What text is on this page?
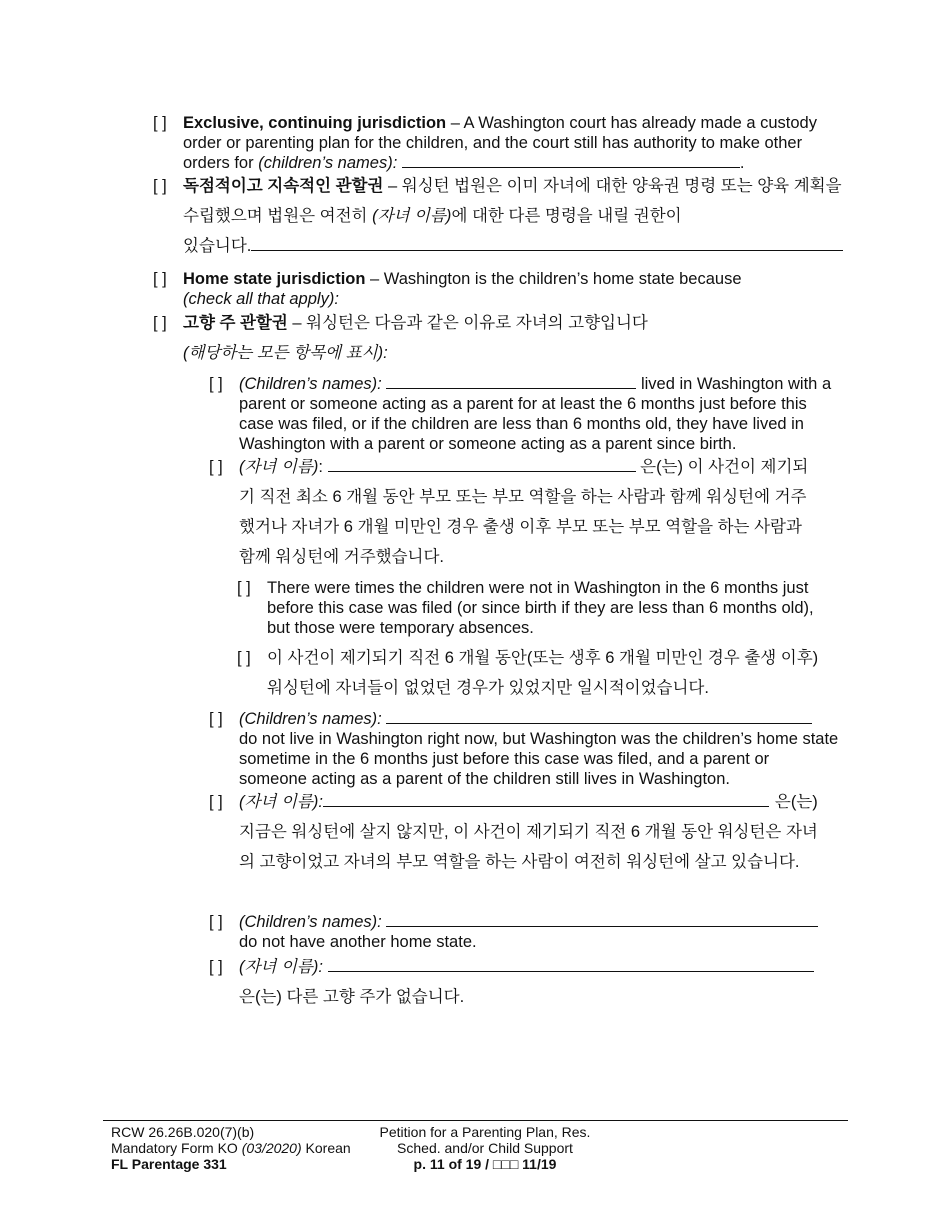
[ ] Exclusive, continuing jurisdiction – A Washington court has already made a custody order or parenting plan for the children, and the court still has authority to make other orders for (children’s names):	.
[ ] 독점적이고 지속적인 관할권 – 워싱턴 법원은 이미 자녀에 대한 양육권 명령 또는 양육 계획을 수립했으며 법원은 여전히 (자녀 이름)에 대한 다른 명령을 내릴 권한이
있습니다.
[ ] Home state jurisdiction – Washington is the children’s home state because
(check all that apply):
[ ] 고향 주 관할권 – 워싱턴은 다음과 같은 이유로 자녀의 고향입니다
(해당하는 모든 항목에 표시):
[ ] (Children’s names):	lived in Washington with a parent or someone acting as a parent for at least the 6 months just before this case was filed, or if the children are less than 6 months old, they have lived in Washington with a parent or someone acting as a parent since birth.
[ ] (자녀 이름):	은(는) 이 사건이 제기되기 직전 최소 6 개월 동안 부모 또는 부모 역할을 하는 사람과 함께 워싱턴에 거주했거나 자녀가 6 개월 미만인 경우 출생 이후 부모 또는 부모 역할을 하는 사람과 함께 워싱턴에 거주했습니다.
[ ] There were times the children were not in Washington in the 6 months just before this case was filed (or since birth if they are less than 6 months old), but those were temporary absences.
[ ] 이 사건이 제기되기 직전 6 개월 동안(또는 생후 6 개월 미만인 경우 출생 이후) 워싱턴에 자녀들이 없었던 경우가 있었지만 일시적이었습니다.
[ ] (Children’s names):
do not live in Washington right now, but Washington was the children’s home state sometime in the 6 months just before this case was filed, and a parent or someone acting as a parent of the children still lives in Washington.
[ ] (자녀 이름):	은(는)
지금은 워싱턴에 살지 않지만, 이 사건이 제기되기 직전 6 개월 동안 워싱턴은 자녀의 고향이었고 자녀의 부모 역할을 하는 사람이 여전히 워싱턴에 살고 있습니다.
[ ] (Children’s names):
do not have another home state.
[ ] (자녀 이름):
은(는) 다른 고향 주가 없습니다.
RCW 26.26B.020(7)(b)
Mandatory Form KO (03/2020) Korean
FL Parentage 331
Petition for a Parenting Plan, Res.
Sched. and/or Child Support
p. 11 of 19 / □□□ 11/19
